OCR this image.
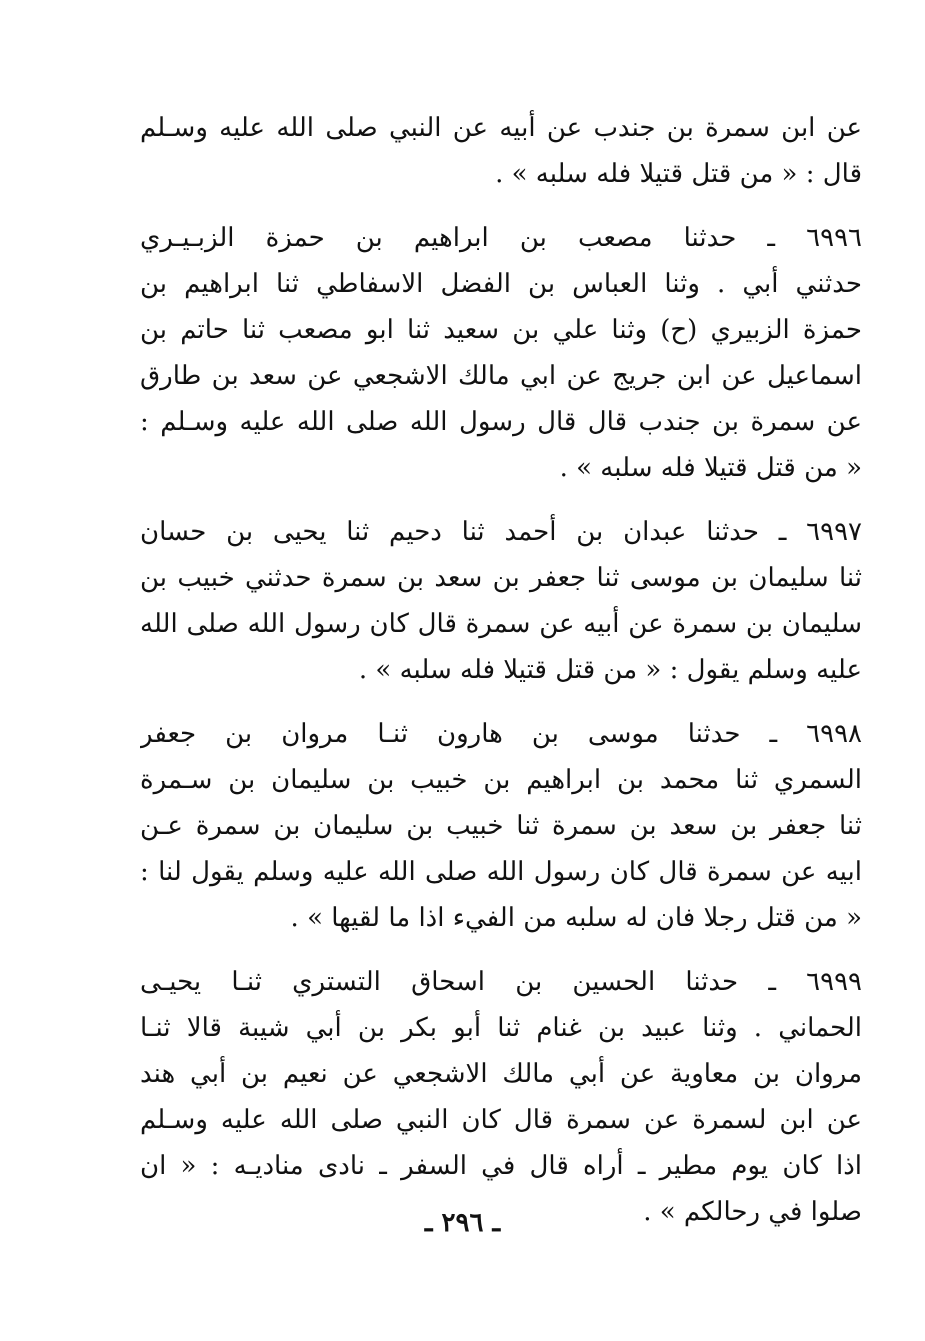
عن ابن سمرة بن جندب عن أبيه عن النبي صلى الله عليه وسـلم
قال : « من قتل قتيلا فله سلبه » .

٦٩٩٦ ـ حدثنا مصعب بن ابراهيم بن حمزة الزبـيـري
حدثني أبي . وثنا العباس بن الفضل الاسفاطي ثنا ابراهيم بن
حمزة الزبيري (ح) وثنا علي بن سعيد ثنا ابو مصعب ثنا حاتم بن
اسماعيل عن ابن جريج عن ابي مالك الاشجعي عن سعد بن طارق
عن سمرة بن جندب قال قال رسول الله صلى الله عليه وسـلم :
« من قتل قتيلا فله سلبه » .

٦٩٩٧ ـ حدثنا عبدان بن أحمد ثنا دحيم ثنا يحيى بن حسان
ثنا سليمان بن موسى ثنا جعفر بن سعد بن سمرة حدثني خبيب بن
سليمان بن سمرة عن أبيه عن سمرة قال كان رسول الله صلى الله
عليه وسلم يقول : « من قتل قتيلا فله سلبه » .

٦٩٩٨ ـ حدثنا موسى بن هارون ثنـا مروان بن جعفر
السمري ثنا محمد بن ابراهيم بن خبيب بن سليمان بن سـمرة
ثنا جعفر بن سعد بن سمرة ثنا خبيب بن سليمان بن سمرة عـن
ابيه عن سمرة قال كان رسول الله صلى الله عليه وسلم يقول لنا :
« من قتل رجلا فان له سلبه من الفيء اذا ما لقيها » .

٦٩٩٩ ـ حدثنا الحسين بن اسحاق التستري ثنـا يحيـى
الحماني . وثنا عبيد بن غنام ثنا أبو بكر بن أبي شيبة قالا ثنـا
مروان بن معاوية عن أبي مالك الاشجعي عن نعيم بن أبي هند
عن ابن لسمرة عن سمرة قال كان النبي صلى الله عليه وسـلم
اذا كان يوم مطير ـ أراه قال في السفر ـ نادى مناديـه : « ان
صلوا في رحالكم » .

ـ ٢٩٦ ـ
